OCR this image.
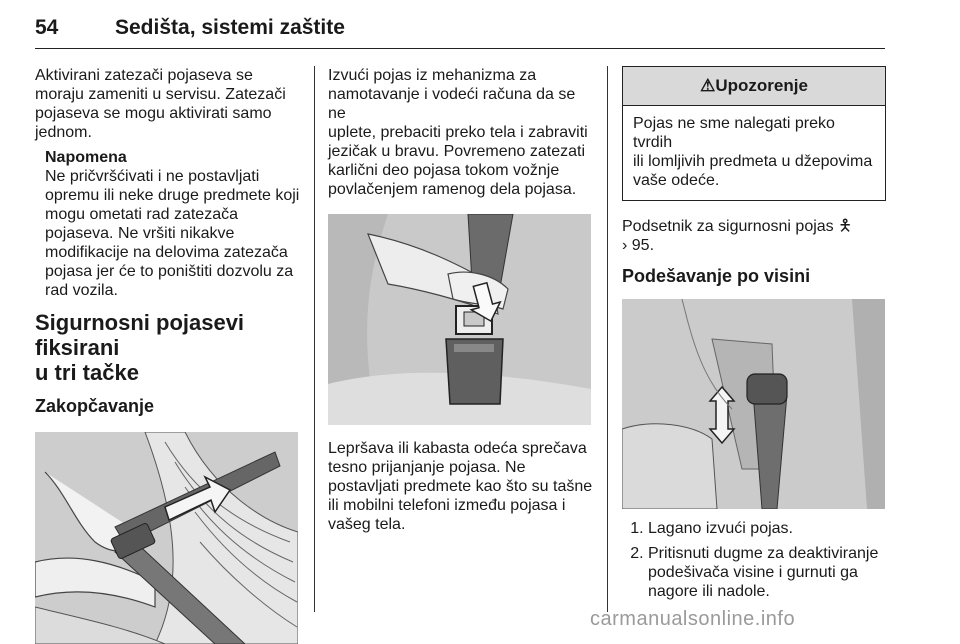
54	Sedišta, sistemi zaštite

Aktivirani zatezači pojaseva se
moraju zameniti u servisu. Zatezači
pojaseva se mogu aktivirati samo
jednom.

Napomena

Ne pričvršćivati i ne postavljati
opremu ili neke druge predmete koji
mogu ometati rad zatezača
pojaseva. Ne vršiti nikakve
modifikacije na delovima zatezača
pojasa jer će to poništiti dozvolu za
rad vozila.

Sigurnosni pojasevi fiksirani
u tri tačke
Zakopčavanje

Izvući pojas iz mehanizma za
namotavanje i vodeći računa da se ne
uplete, prebaciti preko tela i zabraviti
jezičak u bravu. Povremeno zatezati
karlični deo pojasa tokom vožnje
povlačenjem ramenog dela pojasa.

Lepršava ili kabasta odeća sprečava
tesno prijanjanje pojasa. Ne
postavljati predmete kao što su tašne
ili mobilni telefoni između pojasa i
vašeg tela.

⚠Upozorenje
Pojas ne sme nalegati preko tvrdih
ili lomljivih predmeta u džepovima
vaše odeće.

Podsetnik za sigurnosni pojas 🯅
› 95.

Podešavanje po visini
1. Lagano izvući pojas.
2. Pritisnuti dugme za deaktiviranje
podešivača visine i gurnuti ga
nagore ili nadole.
carmanualsonline.info
